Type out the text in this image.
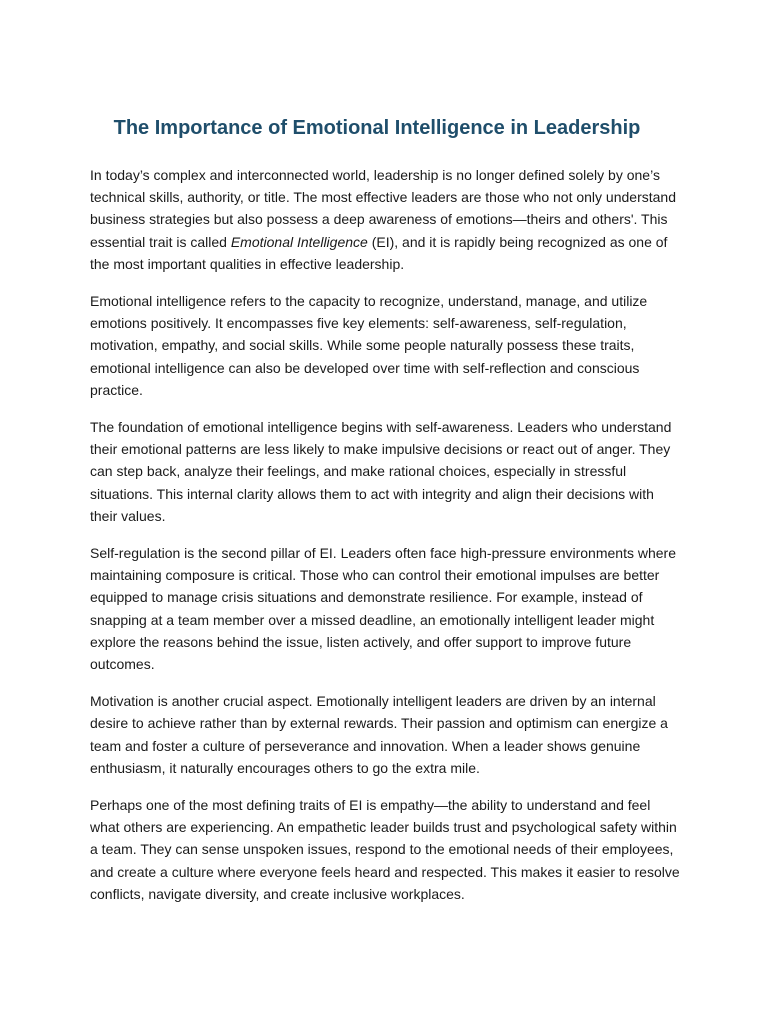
The Importance of Emotional Intelligence in Leadership

In today’s complex and interconnected world, leadership is no longer defined solely by one’s technical skills, authority, or title. The most effective leaders are those who not only understand business strategies but also possess a deep awareness of emotions—theirs and others'. This essential trait is called Emotional Intelligence (EI), and it is rapidly being recognized as one of the most important qualities in effective leadership.

Emotional intelligence refers to the capacity to recognize, understand, manage, and utilize emotions positively. It encompasses five key elements: self-awareness, self-regulation, motivation, empathy, and social skills. While some people naturally possess these traits, emotional intelligence can also be developed over time with self-reflection and conscious practice.

The foundation of emotional intelligence begins with self-awareness. Leaders who understand their emotional patterns are less likely to make impulsive decisions or react out of anger. They can step back, analyze their feelings, and make rational choices, especially in stressful situations. This internal clarity allows them to act with integrity and align their decisions with their values.

Self-regulation is the second pillar of EI. Leaders often face high-pressure environments where maintaining composure is critical. Those who can control their emotional impulses are better equipped to manage crisis situations and demonstrate resilience. For example, instead of snapping at a team member over a missed deadline, an emotionally intelligent leader might explore the reasons behind the issue, listen actively, and offer support to improve future outcomes.

Motivation is another crucial aspect. Emotionally intelligent leaders are driven by an internal desire to achieve rather than by external rewards. Their passion and optimism can energize a team and foster a culture of perseverance and innovation. When a leader shows genuine enthusiasm, it naturally encourages others to go the extra mile.

Perhaps one of the most defining traits of EI is empathy—the ability to understand and feel what others are experiencing. An empathetic leader builds trust and psychological safety within a team. They can sense unspoken issues, respond to the emotional needs of their employees, and create a culture where everyone feels heard and respected. This makes it easier to resolve conflicts, navigate diversity, and create inclusive workplaces.
